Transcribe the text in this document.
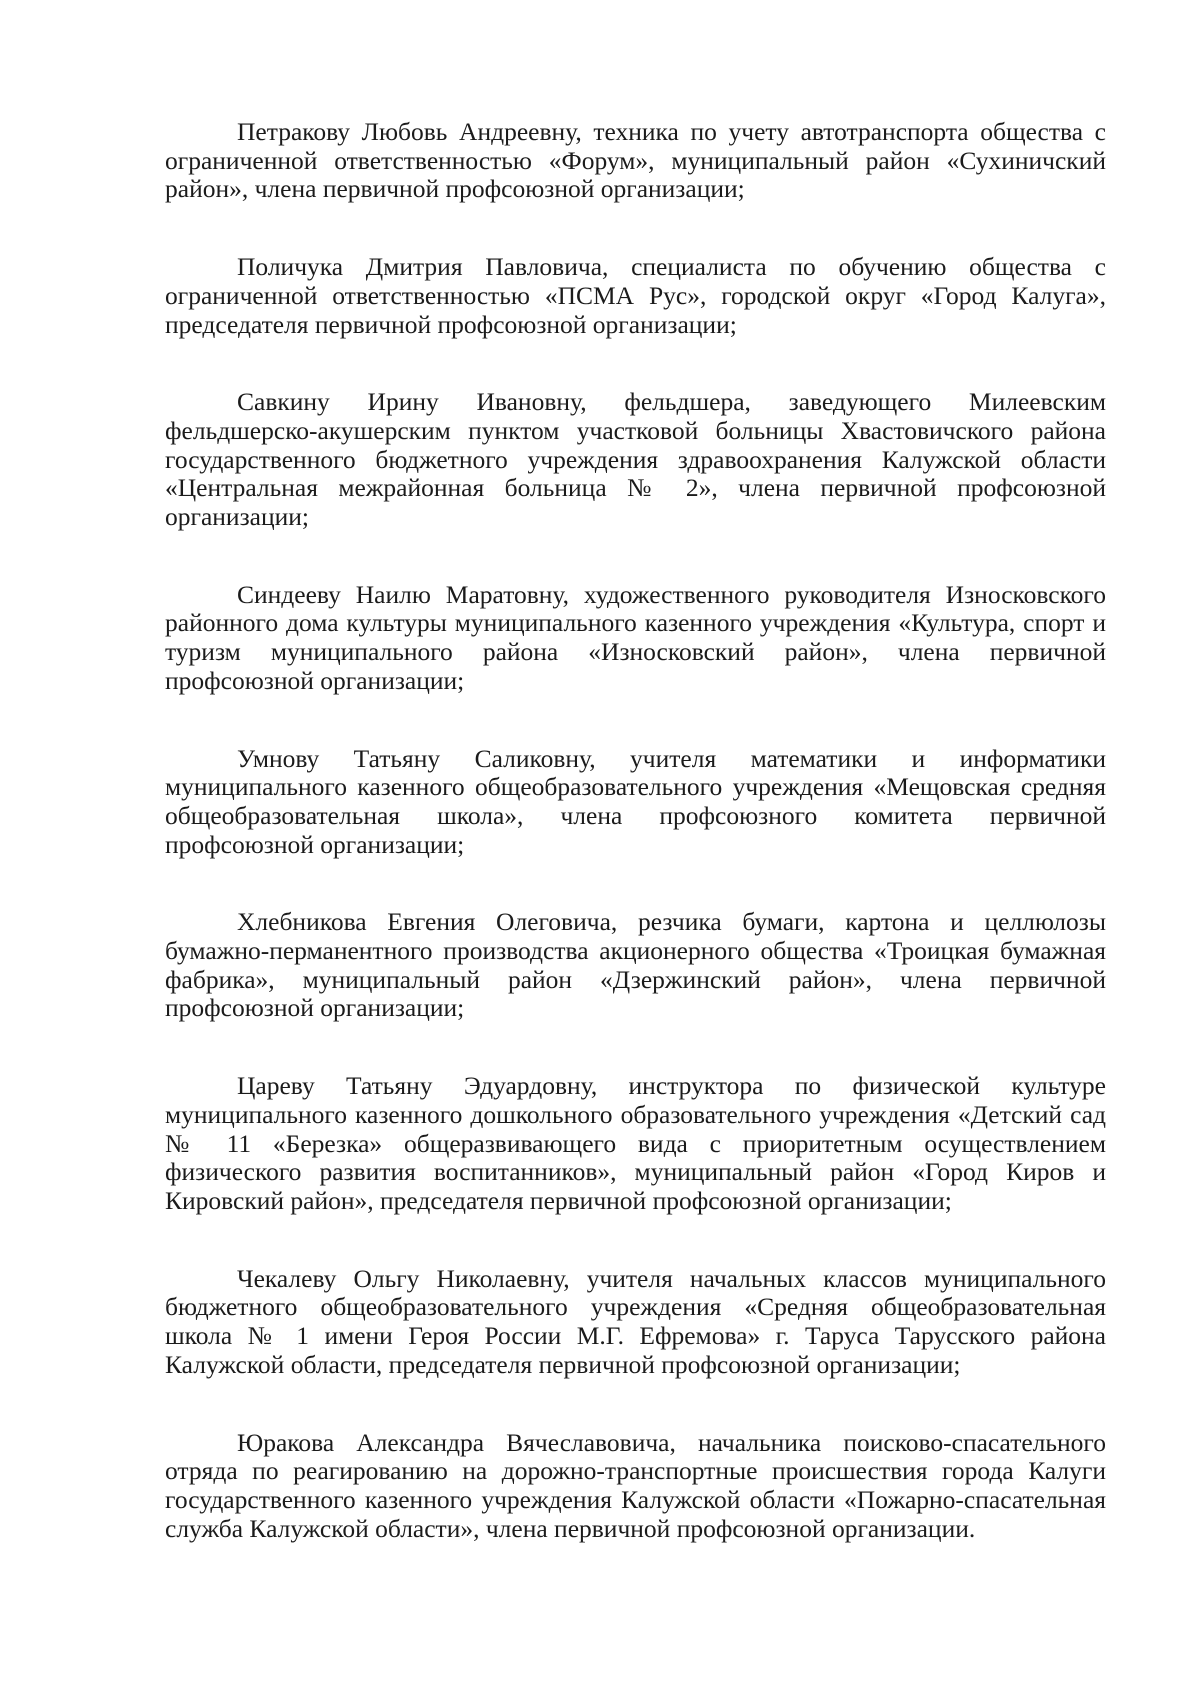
Петракову Любовь Андреевну, техника по учету автотранспорта общества с ограниченной ответственностью «Форум», муниципальный район «Сухиничский район», члена первичной профсоюзной организации;

Поличука Дмитрия Павловича, специалиста по обучению общества с ограниченной ответственностью «ПСМА Рус», городской округ «Город Калуга», председателя первичной профсоюзной организации;

Савкину Ирину Ивановну, фельдшера, заведующего Милеевским фельдшерско-акушерским пунктом участковой больницы Хвастовичского района государственного бюджетного учреждения здравоохранения Калужской области «Центральная межрайонная больница № 2», члена первичной профсоюзной организации;

Синдееву Наилю Маратовну, художественного руководителя Износковского районного дома культуры муниципального казенного учреждения «Культура, спорт и туризм муниципального района «Износковский район», члена первичной профсоюзной организации;

Умнову Татьяну Саликовну, учителя математики и информатики муниципального казенного общеобразовательного учреждения «Мещовская средняя общеобразовательная школа», члена профсоюзного комитета первичной профсоюзной организации;

Хлебникова Евгения Олеговича, резчика бумаги, картона и целлюлозы бумажно-перманентного производства акционерного общества «Троицкая бумажная фабрика», муниципальный район «Дзержинский район», члена первичной профсоюзной организации;

Цареву Татьяну Эдуардовну, инструктора по физической культуре муниципального казенного дошкольного образовательного учреждения «Детский сад № 11 «Березка» общеразвивающего вида с приоритетным осуществлением физического развития воспитанников», муниципальный район «Город Киров и Кировский район», председателя первичной профсоюзной организации;

Чекалеву Ольгу Николаевну, учителя начальных классов муниципального бюджетного общеобразовательного учреждения «Средняя общеобразовательная школа № 1 имени Героя России М.Г. Ефремова» г. Таруса Тарусского района Калужской области, председателя первичной профсоюзной организации;

Юракова Александра Вячеславовича, начальника поисково-спасательного отряда по реагированию на дорожно-транспортные происшествия города Калуги государственного казенного учреждения Калужской области «Пожарно-спасательная служба Калужской области», члена первичной профсоюзной организации.
